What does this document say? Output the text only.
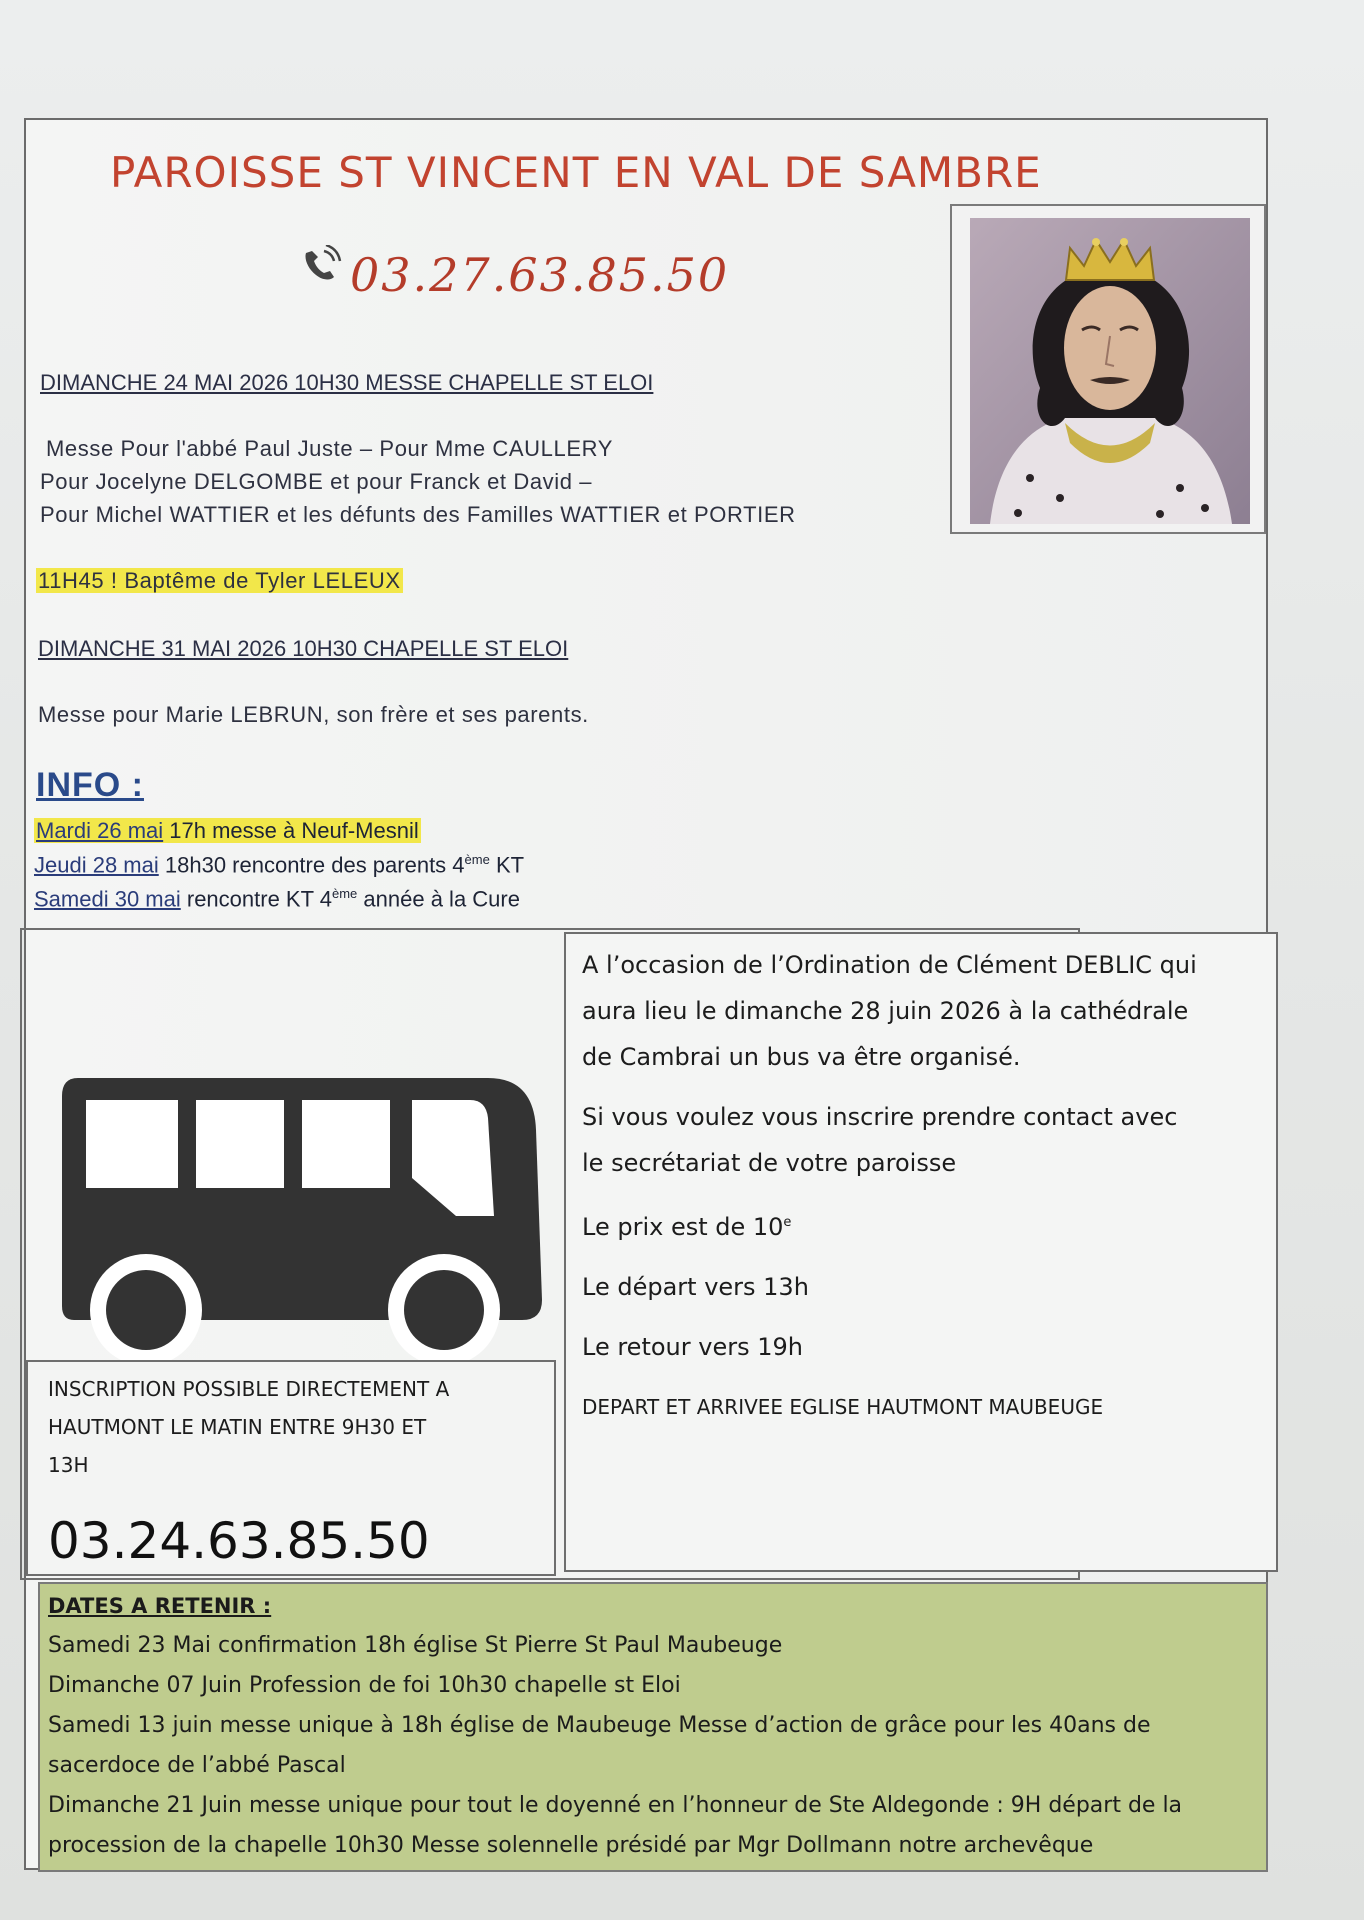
PAROISSE ST VINCENT EN VAL DE SAMBRE
03.27.63.85.50
DIMANCHE 24 MAI 2026 10H30 MESSE CHAPELLE ST ELOI
Messe Pour l'abbé Paul Juste – Pour Mme CAULLERY
Pour Jocelyne DELGOMBE et pour Franck et David –
Pour Michel WATTIER et les défunts des Familles WATTIER et PORTIER
11H45 ! Baptême de Tyler LELEUX
DIMANCHE 31 MAI 2026 10H30 CHAPELLE ST ELOI
Messe pour Marie LEBRUN, son frère et ses parents.
INFO :
Mardi 26 mai 17h messe à Neuf-Mesnil
Jeudi 28 mai 18h30 rencontre des parents 4ème KT
Samedi 30 mai rencontre KT 4ème année à la Cure
A l’occasion de l’Ordination de Clément DEBLIC qui
aura lieu le dimanche 28 juin 2026 à la cathédrale
de Cambrai un bus va être organisé.
Si vous voulez vous inscrire prendre contact avec
le secrétariat de votre paroisse
Le prix est de 10e
Le départ vers 13h
Le retour vers 19h
DEPART ET ARRIVEE EGLISE HAUTMONT MAUBEUGE
INSCRIPTION POSSIBLE DIRECTEMENT A
HAUTMONT LE MATIN ENTRE 9H30 ET
13H
03.24.63.85.50
DATES A RETENIR :
Samedi 23 Mai confirmation 18h église St Pierre St Paul Maubeuge
Dimanche 07 Juin Profession de foi 10h30 chapelle st Eloi
Samedi 13 juin messe unique à 18h église de Maubeuge Messe d’action de grâce pour les 40ans de
sacerdoce de l’abbé Pascal
Dimanche 21 Juin messe unique pour tout le doyenné en l’honneur de Ste Aldegonde : 9H départ de la
procession de la chapelle 10h30 Messe solennelle présidé par Mgr Dollmann notre archevêque
